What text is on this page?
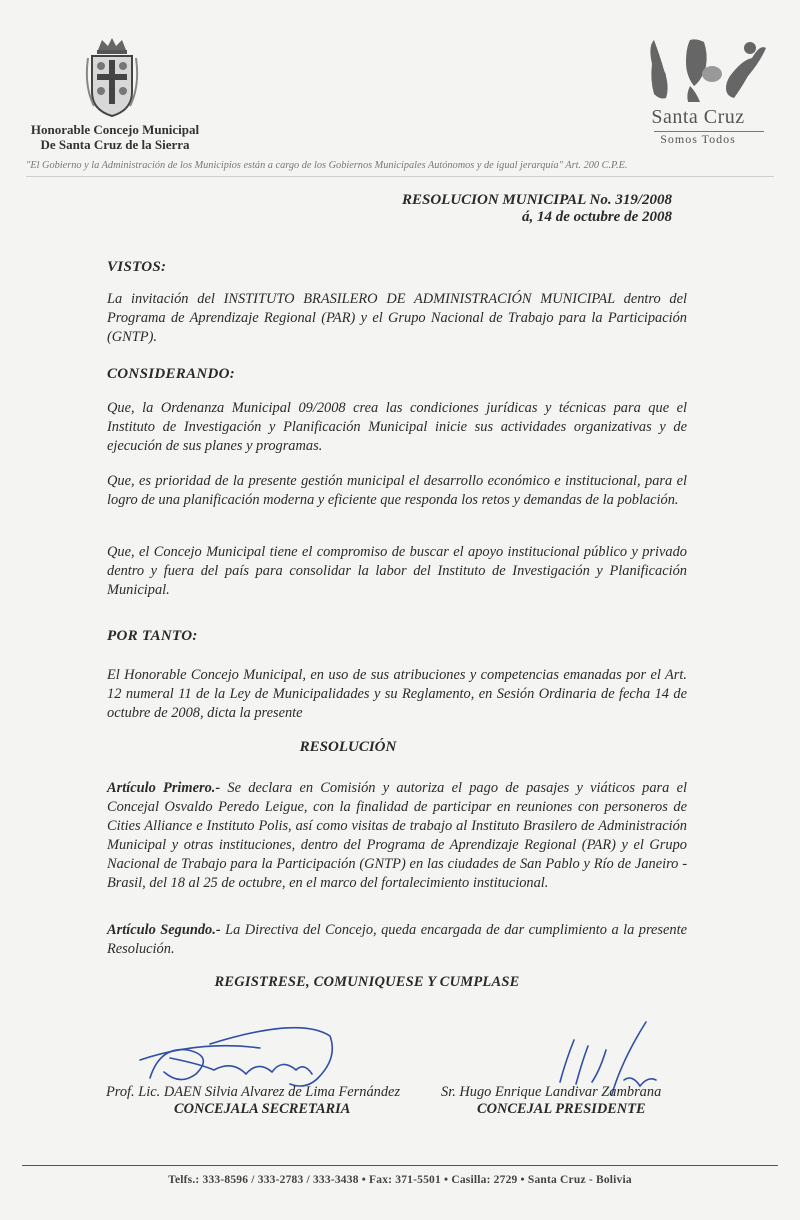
Honorable Concejo Municipal
De Santa Cruz de la Sierra
Santa Cruz
Somos Todos
"El Gobierno y la Administración de los Municipios están a cargo de los Gobiernos Municipales Autónomos y de igual jerarquía" Art. 200 C.P.E.
RESOLUCION MUNICIPAL No. 319/2008
á, 14 de octubre de 2008
VISTOS:
La invitación del INSTITUTO BRASILERO DE ADMINISTRACIÓN MUNICIPAL dentro del Programa de Aprendizaje Regional (PAR) y el Grupo Nacional de Trabajo para la Participación (GNTP).
CONSIDERANDO:
Que, la Ordenanza Municipal 09/2008 crea las condiciones jurídicas y técnicas para que el Instituto de Investigación y Planificación Municipal inicie sus actividades organizativas y de ejecución de sus planes y programas.
Que, es prioridad de la presente gestión municipal el desarrollo económico e institucional, para el logro de una planificación moderna y eficiente que responda los retos y demandas de la población.
Que, el Concejo Municipal tiene el compromiso de buscar el apoyo institucional público y privado dentro y fuera del país para consolidar la labor del Instituto de Investigación y Planificación Municipal.
POR TANTO:
El Honorable Concejo Municipal, en uso de sus atribuciones y competencias emanadas por el Art. 12 numeral 11 de la Ley de Municipalidades y su Reglamento, en Sesión Ordinaria de fecha 14 de octubre de 2008, dicta la presente
RESOLUCIÓN
Artículo Primero.- Se declara en Comisión y autoriza el pago de pasajes y viáticos para el Concejal Osvaldo Peredo Leigue, con la finalidad de participar en reuniones con personeros de Cities Alliance e Instituto Polis, así como visitas de trabajo al Instituto Brasilero de Administración Municipal y otras instituciones, dentro del Programa de Aprendizaje Regional (PAR) y el Grupo Nacional de Trabajo para la Participación (GNTP) en las ciudades de San Pablo y Río de Janeiro - Brasil, del 18 al 25 de octubre, en el marco del fortalecimiento institucional.
Artículo Segundo.- La Directiva del Concejo, queda encargada de dar cumplimiento a la presente Resolución.
REGISTRESE, COMUNIQUESE Y CUMPLASE
Prof. Lic. DAEN Silvia Alvarez de Lima Fernández
CONCEJALA SECRETARIA
Sr. Hugo Enrique Landivar Zambrana
CONCEJAL PRESIDENTE
Telfs.: 333-8596 / 333-2783 / 333-3438 • Fax: 371-5501 • Casilla: 2729 • Santa Cruz - Bolivia
